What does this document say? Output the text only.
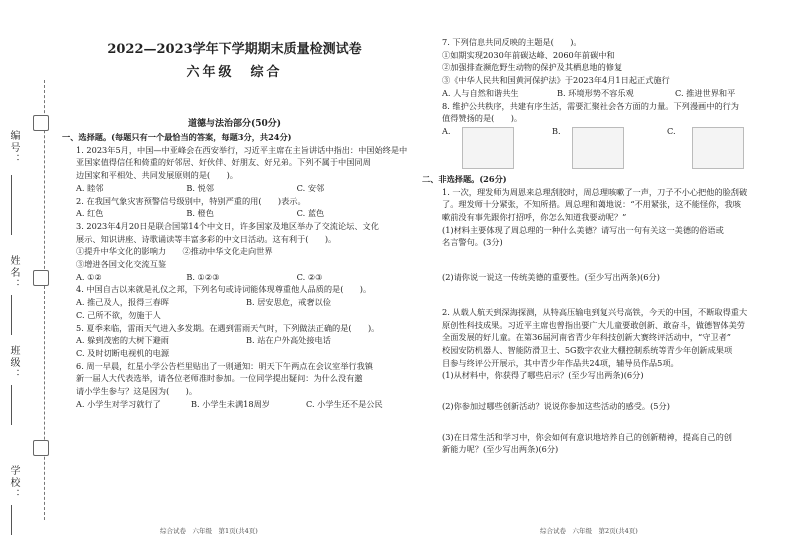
编号：
姓名：
班级：
学校：
2022—2023学年下学期期末质量检测试卷
六年级　综合
道德与法治部分(50分)

一、选择题。(每题只有一个最恰当的答案，每题3分，共24分)

1. 2023年5月，中国—中亚峰会在西安举行，习近平主席在主旨讲话中指出：中国始终是中

亚国家值得信任和倚重的好邻居、好伙伴、好朋友、好兄弟。下列不属于中国同周

边国家和平相处、共同发展原则的是(　　)。

A. 睦邻	B. 悦邻	C. 安邻

2. 在我国气象灾害预警信号级别中，特别严重的用(　　)表示。

A. 红色	B. 橙色	C. 蓝色

3. 2023年4月20日是联合国第14个中文日，许多国家及地区举办了交流论坛、文化

展示、知识讲座、诗歌诵读等丰富多彩的中文日活动。这有利于(　　)。

①提升中华文化的影响力　　②推动中华文化走向世界

③增进各国文化交流互鉴

A. ①②	B. ①②③	C. ②③

4. 中国自古以来就是礼仪之邦，下列名句或诗词能体现尊重他人品质的是(　　)。

A. 推己及人，报得三春晖	B. 居安思危，戒奢以俭

C. 己所不欲，勿施于人

5. 夏季来临，雷雨天气进入多发期。在遇到雷雨天气时，下列做法正确的是(　　)。

A. 躲到茂密的大树下避雨	B. 站在户外高处接电话

C. 及时切断电视机的电源

6. 周一早晨，红星小学公告栏里贴出了一则通知：明天下午两点在会议室举行我镇

新一届人大代表选举，请各位老师准时参加。一位同学提出疑问：为什么没有邀

请小学生参与？这是因为(　　)。

A. 小学生对学习就行了	B. 小学生未满18周岁	C. 小学生还不是公民
综合试卷　六年级　第1页(共4页)

7. 下列信息共同反映的主题是(　　)。

①如期实现2030年前碳达峰、2060年前碳中和

②加强排查濒危野生动物的保护及其栖息地的修复

③《中华人民共和国黄河保护法》于2023年4月1日起正式施行

A. 人与自然和谐共生	B. 环境形势不容乐观	C. 推进世界和平

8. 维护公共秩序，共建有序生活，需要汇聚社会各方面的力量。下列漫画中的行为

值得赞扬的是(　　)。

A.	B.	C.

二、非选择题。(26分)

1. 一次，理发师为周恩来总理刮胶时，周总理咳嗽了一声，刀子不小心把他的脸刮破

了。理发师十分紧张，不知所措。周总理和蔼地说：“不用紧张，这不能怪你，我咳

嗽前没有事先跟你打招呼，你怎么知道我要动呢？”

(1)材料主要体现了周总理的一种什么美德？请写出一句有关这一美德的俗语或

名言警句。(3分)

(2)请你说一说这一传统美德的重要性。(至少写出两条)(6分)

2. 从载人航天到深海探测，从特高压输电到复兴号高铁，今天的中国，不断取得重大

原创性科技成果。习近平主席也曾指出要广大儿童要敢创新、敢奋斗，做德智体美劳

全面发展的好儿童。在第36届河南省青少年科技创新大赛终评活动中，“守卫者”

校园安防机器人、智能防滑卫士、5G数字农业大棚控制系统等青少年创新成果项

目参与终评公开展示，其中青少年作品共24项，辅导员作品5项。

(1)从材料中，你获得了哪些启示？(至少写出两条)(6分)

(2)你参加过哪些创新活动？说说你参加这些活动的感受。(5分)

(3)在日常生活和学习中，你会如何有意识地培养自己的创新精神，提高自己的创

新能力呢？(至少写出两条)(6分)

综合试卷　六年级　第2页(共4页)
